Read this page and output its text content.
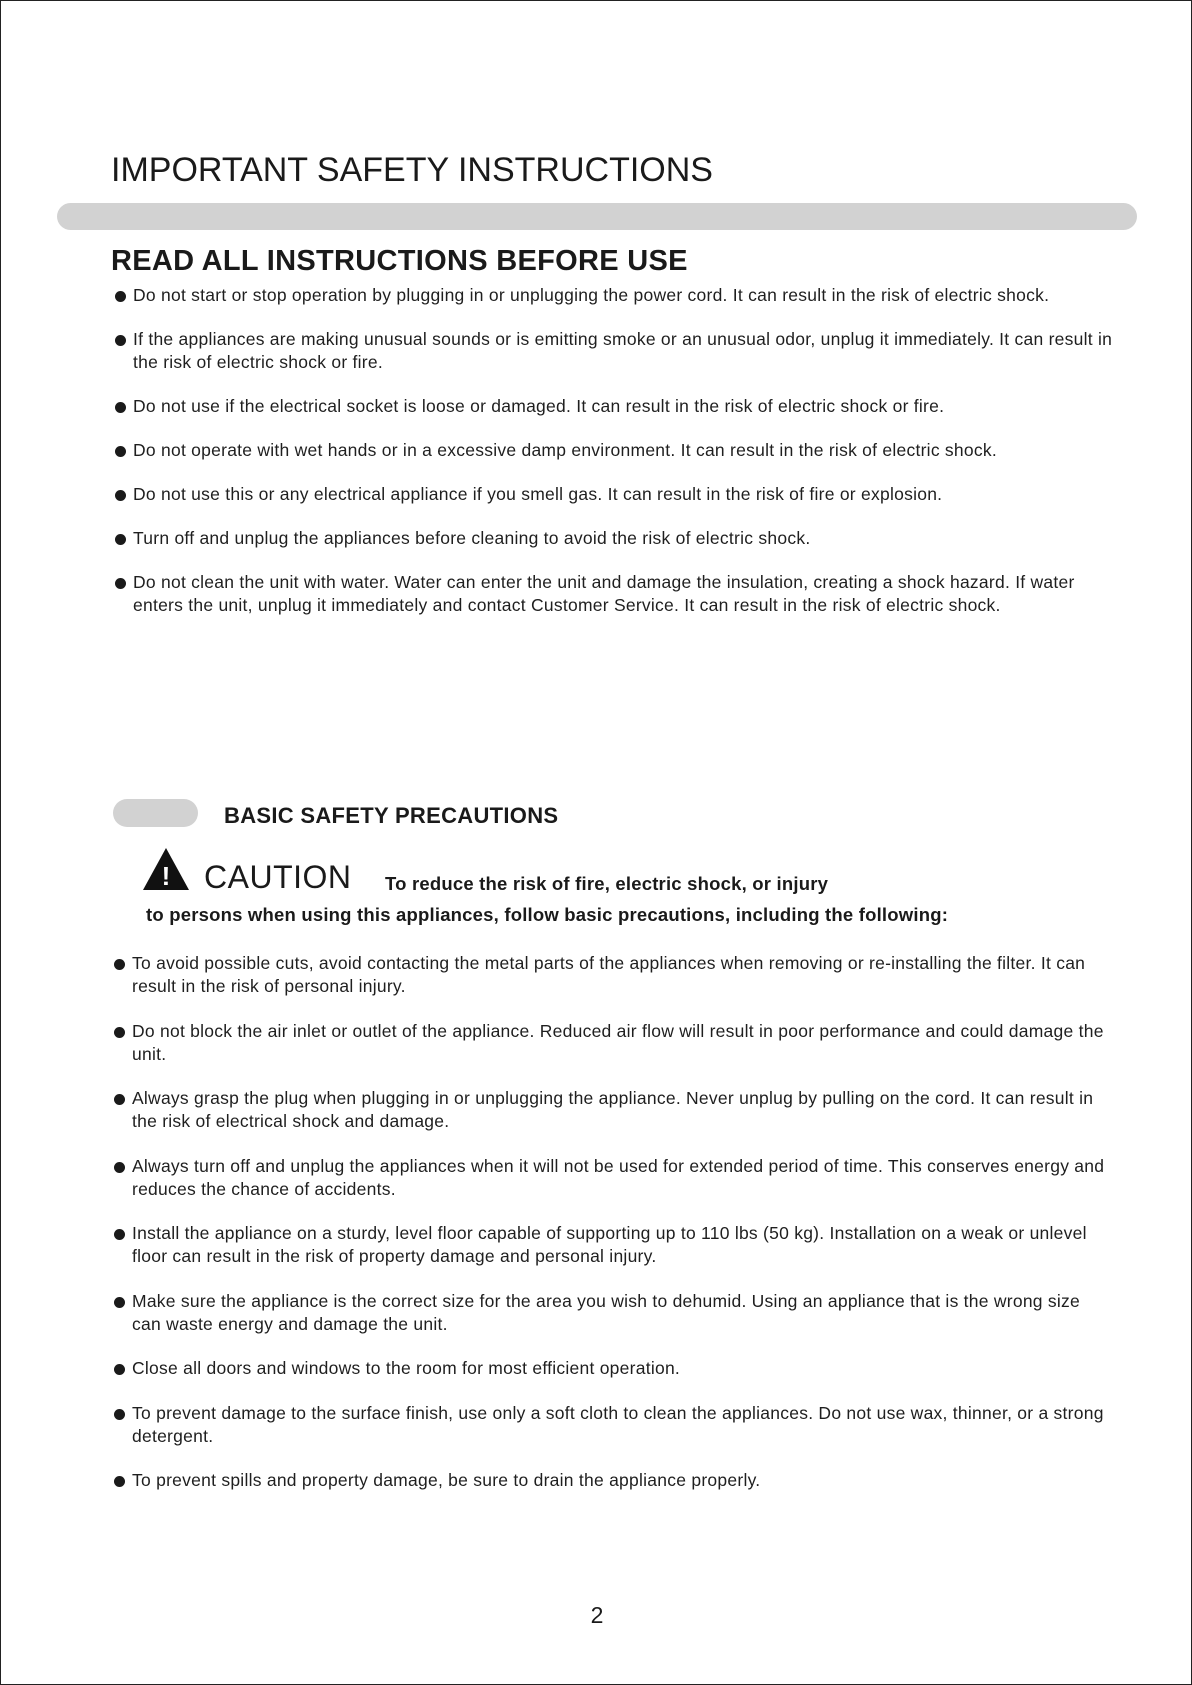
IMPORTANT SAFETY INSTRUCTIONS
READ ALL INSTRUCTIONS BEFORE USE
Do not start or stop operation by plugging in or unplugging the power cord. It can result in the risk of electric shock.
If the appliances are making unusual sounds or is emitting smoke or an unusual odor, unplug it immediately. It can result in the risk of electric shock or fire.
Do not use if the electrical socket is loose or damaged. It can result in the risk of electric shock or fire.
Do not operate with wet hands or in a excessive damp environment. It can result in the risk of electric shock.
Do not use this or any electrical appliance if you smell gas. It can result in the risk of fire or explosion.
Turn off and unplug the appliances before cleaning to avoid the risk of electric shock.
Do not clean the unit with water. Water can enter the unit and damage the insulation, creating a shock hazard. If water enters the unit, unplug it immediately and contact Customer Service. It can result in the risk of electric shock.
BASIC SAFETY PRECAUTIONS
! CAUTION To reduce the risk of fire, electric shock, or injury
to persons when using this appliances, follow basic precautions, including the following:
To avoid possible cuts, avoid contacting the metal parts of the appliances when removing or re-installing the filter. It can result in the risk of personal injury.
Do not block the air inlet or outlet of the appliance. Reduced air flow will result in poor performance and could damage the unit.
Always grasp the plug when plugging in or unplugging the appliance. Never unplug by pulling on the cord. It can result in the risk of electrical shock and damage.
Always turn off and unplug the appliances when it will not be used for extended period of time. This conserves energy and reduces the chance of accidents.
Install the appliance on a sturdy, level floor capable of supporting up to 110 lbs (50 kg). Installation on a weak or unlevel floor can result in the risk of property damage and personal injury.
Make sure the appliance is the correct size for the area you wish to dehumid. Using an appliance that is the wrong size can waste energy and damage the unit.
Close all doors and windows to the room for most efficient operation.
To prevent damage to the surface finish, use only a soft cloth to clean the appliances. Do not use wax, thinner, or a strong detergent.
To prevent spills and property damage, be sure to drain the appliance properly.
2
